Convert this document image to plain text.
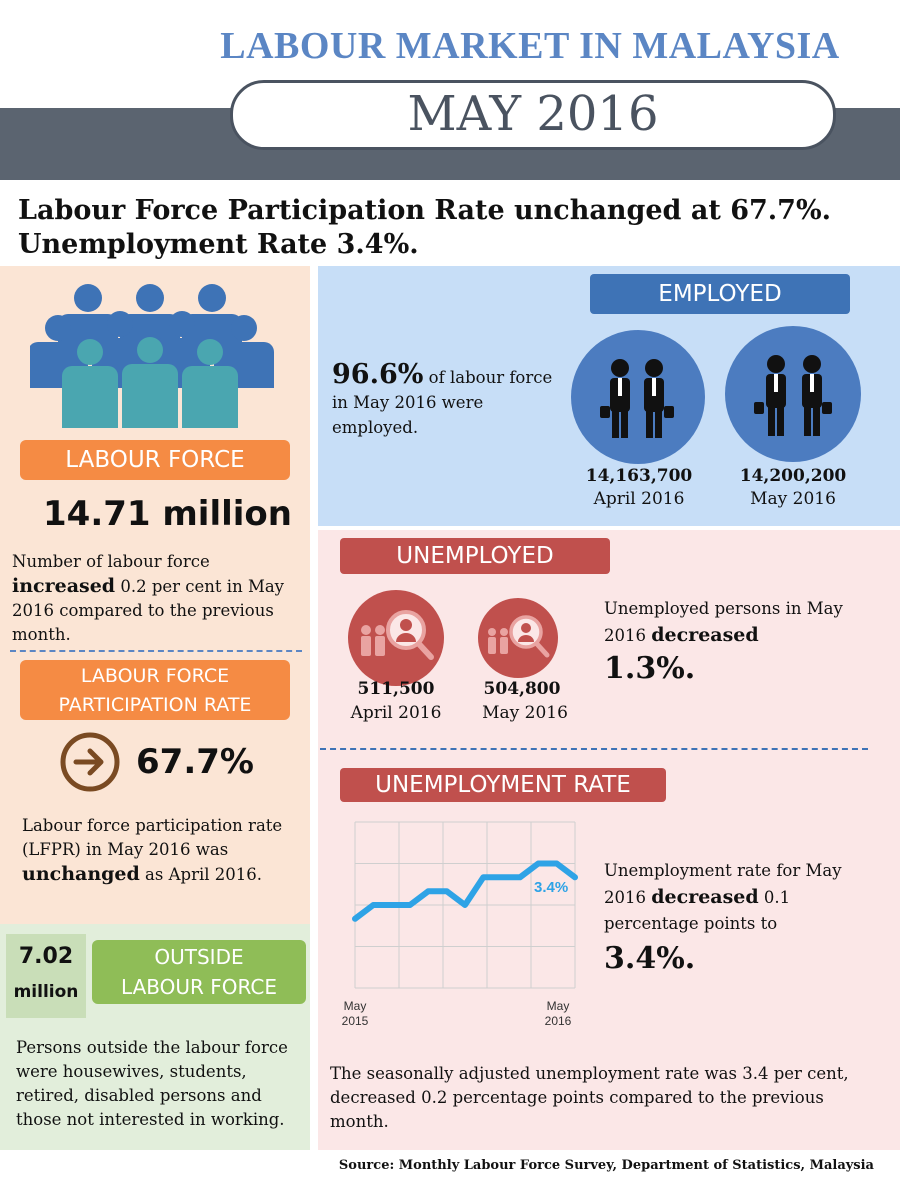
LABOUR MARKET IN MALAYSIA
MAY 2016
Labour Force Participation Rate unchanged at 67.7%.
Unemployment Rate 3.4%.
LABOUR FORCE
14.71 million
Number of labour force increased 0.2 per cent in May 2016 compared to the previous month.
LABOUR FORCE
PARTICIPATION RATE
67.7%
Labour force participation rate (LFPR) in May 2016 was unchanged as April 2016.
7.02
million
OUTSIDE
LABOUR FORCE
Persons outside the labour force were housewives, students, retired, disabled persons and those not interested in working.
EMPLOYED
96.6% of labour force in May 2016 were employed.
14,163,700
April 2016
14,200,200
May 2016
UNEMPLOYED
511,500
April 2016
504,800
May 2016
Unemployed persons in May 2016 decreased
1.3%.
UNEMPLOYMENT RATE
3.4%
May
2015
May
2016
Unemployment rate for May 2016 decreased 0.1 percentage points to
3.4%.
The seasonally adjusted unemployment rate was 3.4 per cent, decreased 0.2 percentage points compared to the previous month.
Source: Monthly Labour Force Survey, Department of Statistics, Malaysia
